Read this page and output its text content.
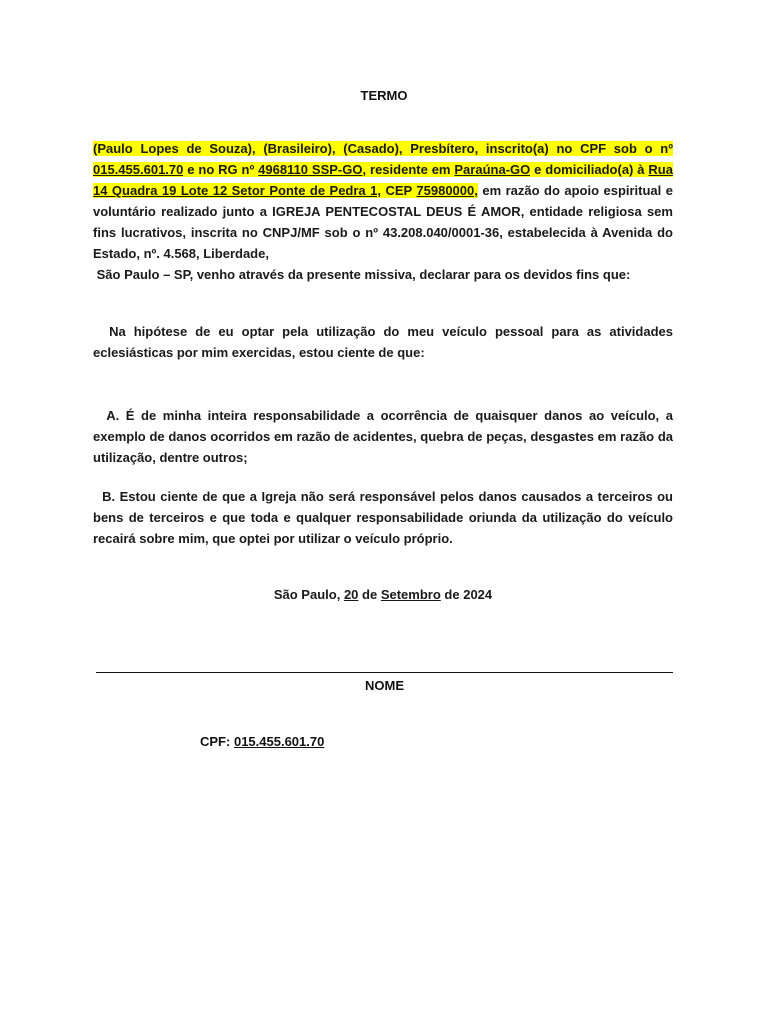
TERMO
(Paulo Lopes de Souza), (Brasileiro), (Casado), Presbítero, inscrito(a) no CPF sob o nº 015.455.601.70 e no RG nº 4968110 SSP-GO, residente em Paraúna-GO e domiciliado(a) à Rua 14 Quadra 19 Lote 12 Setor Ponte de Pedra 1, CEP 75980000, em razão do apoio espiritual e voluntário realizado junto a IGREJA PENTECOSTAL DEUS É AMOR, entidade religiosa sem fins lucrativos, inscrita no CNPJ/MF sob o nº 43.208.040/0001-36, estabelecida à Avenida do Estado, nº. 4.568, Liberdade,
São Paulo – SP, venho através da presente missiva, declarar para os devidos fins que:
Na hipótese de eu optar pela utilização do meu veículo pessoal para as atividades eclesiásticas por mim exercidas, estou ciente de que:
A. É de minha inteira responsabilidade a ocorrência de quaisquer danos ao veículo, a exemplo de danos ocorridos em razão de acidentes, quebra de peças, desgastes em razão da utilização, dentre outros;
B. Estou ciente de que a Igreja não será responsável pelos danos causados a terceiros ou bens de terceiros e que toda e qualquer responsabilidade oriunda da utilização do veículo recairá sobre mim, que optei por utilizar o veículo próprio.
São Paulo, 20 de Setembro de 2024
NOME
CPF: 015.455.601.70
